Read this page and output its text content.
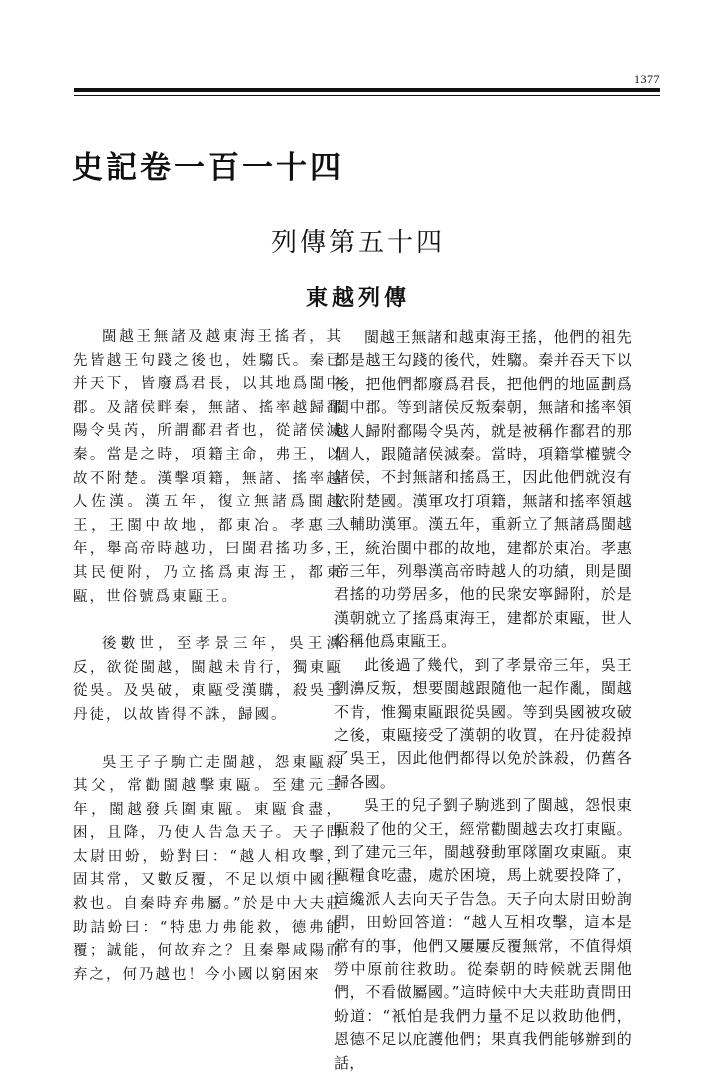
1377
史記卷一百一十四
列傳第五十四
東越列傳

閩越王無諸及越東海王搖者，其先皆越王句踐之後也，姓騶氏。秦已并天下，皆廢爲君長，以其地爲閩中郡。及諸侯畔秦，無諸、搖率越歸鄱陽令吳芮，所謂鄱君者也，從諸侯滅秦。當是之時，項籍主命，弗王，以故不附楚。漢擊項籍，無諸、搖率越人佐漢。漢五年，復立無諸爲閩越王，王閩中故地，都東冶。孝惠三年，舉高帝時越功，曰閩君搖功多，其民便附，乃立搖爲東海王，都東甌，世俗號爲東甌王。

後數世，至孝景三年，吳王濞反，欲從閩越，閩越未肯行，獨東甌從吳。及吳破，東甌受漢購，殺吳王丹徒，以故皆得不誅，歸國。

吳王子子駒亡走閩越，怨東甌殺其父，常勸閩越擊東甌。至建元三年，閩越發兵圍東甌。東甌食盡，困，且降，乃使人告急天子。天子問太尉田蚡，蚡對曰：“越人相攻擊，固其常，又數反覆，不足以煩中國往救也。自秦時弃弗屬。”於是中大夫莊助詰蚡曰：“特患力弗能救，德弗能覆；誠能，何故弃之？且秦舉咸陽而弃之，何乃越也！今小國以窮困來

閩越王無諸和越東海王搖，他們的祖先都是越王勾踐的後代，姓騶。秦并吞天下以後，把他們都廢爲君長，把他們的地區劃爲閩中郡。等到諸侯反叛秦朝，無諸和搖率領越人歸附鄱陽令吳芮，就是被稱作鄱君的那個人，跟隨諸侯滅秦。當時，項籍掌權號令諸侯，不封無諸和搖爲王，因此他們就沒有依附楚國。漢軍攻打項籍，無諸和搖率領越人輔助漢軍。漢五年，重新立了無諸爲閩越王，統治閩中郡的故地，建都於東冶。孝惠帝三年，列舉漢高帝時越人的功績，則是閩君搖的功勞居多，他的民衆安寧歸附，於是漢朝就立了搖爲東海王，建都於東甌，世人俗稱他爲東甌王。

此後過了幾代，到了孝景帝三年，吳王劉濞反叛，想要閩越跟隨他一起作亂，閩越不肯，惟獨東甌跟從吳國。等到吳國被攻破之後，東甌接受了漢朝的收買，在丹徒殺掉了吳王，因此他們都得以免於誅殺，仍舊各歸各國。

吳王的兒子劉子駒逃到了閩越，怨恨東甌殺了他的父王，經常勸閩越去攻打東甌。到了建元三年，閩越發動軍隊圍攻東甌。東甌糧食吃盡，處於困境，馬上就要投降了，這纔派人去向天子告急。天子向太尉田蚡詢問，田蚡回答道：“越人互相攻擊，這本是常有的事，他們又屢屢反覆無常，不值得煩勞中原前往救助。從秦朝的時候就丟開他們，不看做屬國。”這時候中大夫莊助責問田蚡道：“衹怕是我們力量不足以救助他們，恩德不足以庇護他們；果真我們能够辦到的話，
